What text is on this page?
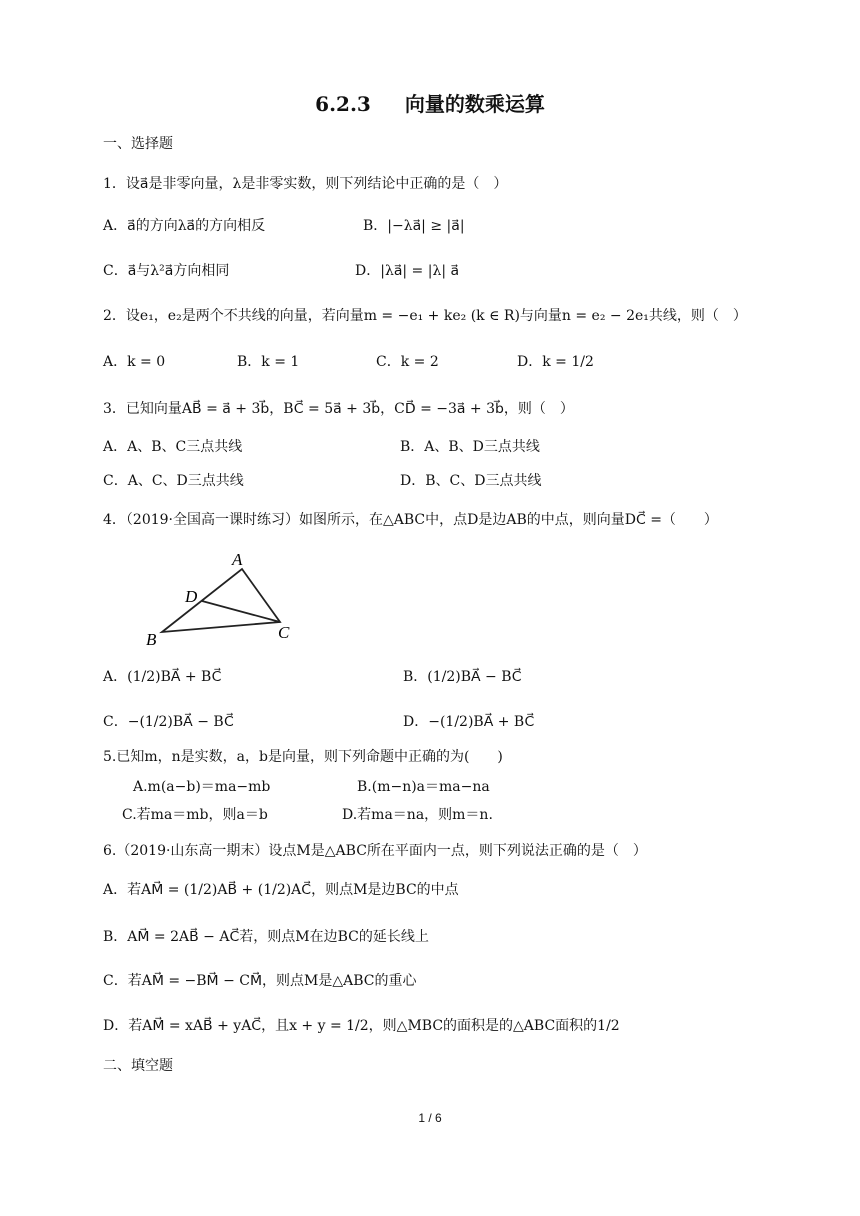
6.2.3 向量的数乘运算
一、选择题
1．设a⃗是非零向量，λ是非零实数，则下列结论中正确的是（　）
A．a⃗的方向λa⃗的方向相反	B．|−λa⃗| ≥ |a⃗|
C．a⃗与λ²a⃗方向相同	D．|λa⃗| = |λ| a⃗
2．设e₁，e₂是两个不共线的向量，若向量m = −e₁ + ke₂ (k ∈ R)与向量n = e₂ − 2e₁共线，则（　）
A．k = 0	B．k = 1	C．k = 2	D．k = 1/2
3．已知向量AB⃗ = a⃗ + 3b⃗，BC⃗ = 5a⃗ + 3b⃗，CD⃗ = −3a⃗ + 3b⃗，则（　）
A．A、B、C三点共线	B．A、B、D三点共线
C．A、C、D三点共线	D．B、C、D三点共线
4．（2019·全国高一课时练习）如图所示，在△ABC中，点D是边AB的中点，则向量DC⃗ =（　　）
A
D
B	C
A．(1/2)BA⃗ + BC⃗	B．(1/2)BA⃗ − BC⃗
C．−(1/2)BA⃗ − BC⃗	D．−(1/2)BA⃗ + BC⃗
5.已知m，n是实数，a，b是向量，则下列命题中正确的为(　　)
A.m(a−b)＝ma−mb	B.(m−n)a＝ma−na
C.若ma＝mb，则a＝b	D.若ma＝na，则m＝n.
6.（2019·山东高一期末）设点M是△ABC所在平面内一点，则下列说法正确的是（　）
A．若AM⃗ = (1/2)AB⃗ + (1/2)AC⃗，则点M是边BC的中点
B．AM⃗ = 2AB⃗ − AC⃗若，则点M在边BC的延长线上
C．若AM⃗ = −BM⃗ − CM⃗，则点M是△ABC的重心
D．若AM⃗ = xAB⃗ + yAC⃗，且x + y = 1/2，则△MBC的面积是的△ABC面积的1/2
二、填空题
1 / 6
